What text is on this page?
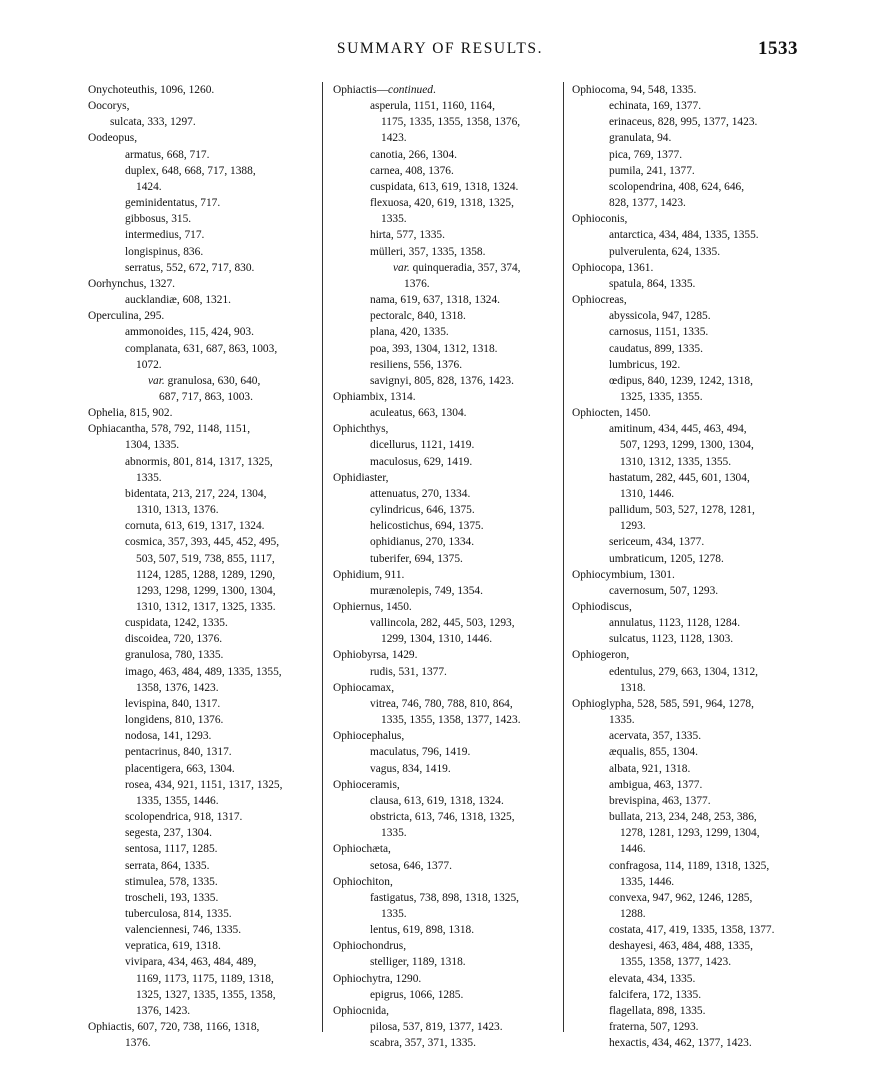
SUMMARY OF RESULTS.	1533
Onychoteuthis, 1096, 1260.
Oocorys,
sulcata, 333, 1297.
Oodeopus,
armatus, 668, 717.
duplex, 648, 668, 717, 1388,
1424.
geminidentatus, 717.
gibbosus, 315.
intermedius, 717.
longispinus, 836.
serratus, 552, 672, 717, 830.
Oorhynchus, 1327.
aucklandiæ, 608, 1321.
Operculina, 295.
ammonoides, 115, 424, 903.
complanata, 631, 687, 863, 1003,
1072.
var. granulosa, 630, 640,
687, 717, 863, 1003.
Ophelia, 815, 902.
Ophiacantha, 578, 792, 1148, 1151,
1304, 1335.
abnormis, 801, 814, 1317, 1325,
1335.
bidentata, 213, 217, 224, 1304,
1310, 1313, 1376.
cornuta, 613, 619, 1317, 1324.
cosmica, 357, 393, 445, 452, 495,
503, 507, 519, 738, 855, 1117,
1124, 1285, 1288, 1289, 1290,
1293, 1298, 1299, 1300, 1304,
1310, 1312, 1317, 1325, 1335.
cuspidata, 1242, 1335.
discoidea, 720, 1376.
granulosa, 780, 1335.
imago, 463, 484, 489, 1335, 1355,
1358, 1376, 1423.
levispina, 840, 1317.
longidens, 810, 1376.
nodosa, 141, 1293.
pentacrinus, 840, 1317.
placentigera, 663, 1304.
rosea, 434, 921, 1151, 1317, 1325,
1335, 1355, 1446.
scolopendrica, 918, 1317.
segesta, 237, 1304.
sentosa, 1117, 1285.
serrata, 864, 1335.
stimulea, 578, 1335.
troscheli, 193, 1335.
tuberculosa, 814, 1335.
valenciennesi, 746, 1335.
vepratica, 619, 1318.
vivipara, 434, 463, 484, 489,
1169, 1173, 1175, 1189, 1318,
1325, 1327, 1335, 1355, 1358,
1376, 1423.
Ophiactis, 607, 720, 738, 1166, 1318,
1376.
Ophiactis—continued.
asperula, 1151, 1160, 1164,
1175, 1335, 1355, 1358, 1376,
1423.
canotia, 266, 1304.
carnea, 408, 1376.
cuspidata, 613, 619, 1318, 1324.
flexuosa, 420, 619, 1318, 1325,
1335.
hirta, 577, 1335.
mülleri, 357, 1335, 1358.
var. quinqueradia, 357, 374,
1376.
nama, 619, 637, 1318, 1324.
pectoralc, 840, 1318.
plana, 420, 1335.
poa, 393, 1304, 1312, 1318.
resiliens, 556, 1376.
savignyi, 805, 828, 1376, 1423.
Ophiambix, 1314.
aculeatus, 663, 1304.
Ophichthys,
dicellurus, 1121, 1419.
maculosus, 629, 1419.
Ophidiaster,
attenuatus, 270, 1334.
cylindricus, 646, 1375.
helicostichus, 694, 1375.
ophidianus, 270, 1334.
tuberifer, 694, 1375.
Ophidium, 911.
murænolepis, 749, 1354.
Ophiernus, 1450.
vallincola, 282, 445, 503, 1293,
1299, 1304, 1310, 1446.
Ophiobyrsa, 1429.
rudis, 531, 1377.
Ophiocamax,
vitrea, 746, 780, 788, 810, 864,
1335, 1355, 1358, 1377, 1423.
Ophiocephalus,
maculatus, 796, 1419.
vagus, 834, 1419.
Ophioceramis,
clausa, 613, 619, 1318, 1324.
obstricta, 613, 746, 1318, 1325,
1335.
Ophiochæta,
setosa, 646, 1377.
Ophiochiton,
fastigatus, 738, 898, 1318, 1325,
1335.
lentus, 619, 898, 1318.
Ophiochondrus,
stelliger, 1189, 1318.
Ophiochytra, 1290.
epigrus, 1066, 1285.
Ophiocnida,
pilosa, 537, 819, 1377, 1423.
scabra, 357, 371, 1335.
Ophiocoma, 94, 548, 1335.
echinata, 169, 1377.
erinaceus, 828, 995, 1377, 1423.
granulata, 94.
pica, 769, 1377.
pumila, 241, 1377.
scolopendrina, 408, 624, 646,
828, 1377, 1423.
Ophioconis,
antarctica, 434, 484, 1335, 1355.
pulverulenta, 624, 1335.
Ophiocopa, 1361.
spatula, 864, 1335.
Ophiocreas,
abyssicola, 947, 1285.
carnosus, 1151, 1335.
caudatus, 899, 1335.
lumbricus, 192.
œdipus, 840, 1239, 1242, 1318,
1325, 1335, 1355.
Ophiocten, 1450.
amitinum, 434, 445, 463, 494,
507, 1293, 1299, 1300, 1304,
1310, 1312, 1335, 1355.
hastatum, 282, 445, 601, 1304,
1310, 1446.
pallidum, 503, 527, 1278, 1281,
1293.
sericeum, 434, 1377.
umbraticum, 1205, 1278.
Ophiocymbium, 1301.
cavernosum, 507, 1293.
Ophiodiscus,
annulatus, 1123, 1128, 1284.
sulcatus, 1123, 1128, 1303.
Ophiogeron,
edentulus, 279, 663, 1304, 1312,
1318.
Ophioglypha, 528, 585, 591, 964, 1278,
1335.
acervata, 357, 1335.
æqualis, 855, 1304.
albata, 921, 1318.
ambigua, 463, 1377.
brevispina, 463, 1377.
bullata, 213, 234, 248, 253, 386,
1278, 1281, 1293, 1299, 1304,
1446.
confragosa, 114, 1189, 1318, 1325,
1335, 1446.
convexa, 947, 962, 1246, 1285,
1288.
costata, 417, 419, 1335, 1358, 1377.
deshayesi, 463, 484, 488, 1335,
1355, 1358, 1377, 1423.
elevata, 434, 1335.
falcifera, 172, 1335.
flagellata, 898, 1335.
fraterna, 507, 1293.
hexactis, 434, 462, 1377, 1423.
